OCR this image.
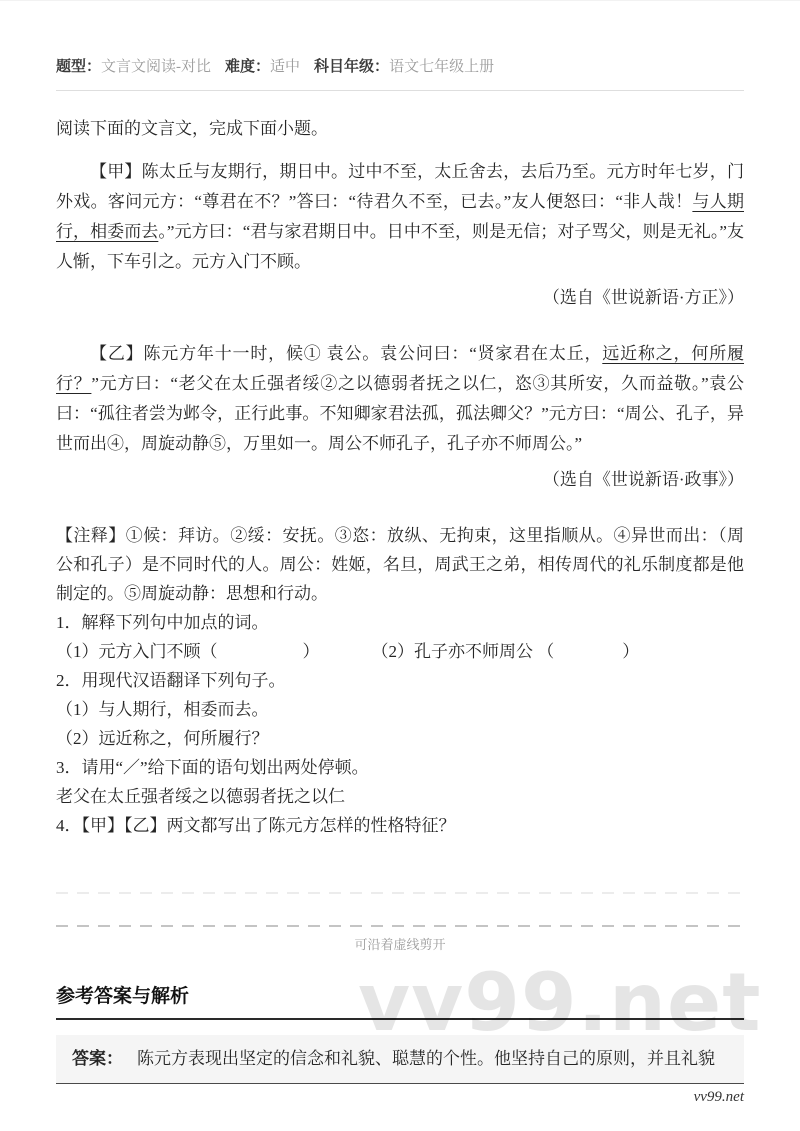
题型： 文言文阅读-对比 难度： 适中 科目年级： 语文七年级上册
阅读下面的文言文，完成下面小题。
【甲】陈太丘与友期行，期日中。过中不至，太丘舍去，去后乃至。元方时年七岁，门外戏。客问元方：“尊君在不？”答曰：“待君久不至，已去。”友人便怒曰：“非人哉！与人期行，相委而去。”元方曰：“君与家君期日中。日中不至，则是无信；对子骂父，则是无礼。”友人惭，下车引之。元方入门不顾。
（选自《世说新语·方正》）
【乙】陈元方年十一时，候① 袁公。袁公问曰：“贤家君在太丘，远近称之，何所履行？”元方曰：“老父在太丘强者绥②之以德弱者抚之以仁，恣③其所安，久而益敬。”袁公曰：“孤往者尝为邺令，正行此事。不知卿家君法孤，孤法卿父？”元方曰：“周公、孔子，异世而出④，周旋动静⑤，万里如一。周公不师孔子，孔子亦不师周公。”
（选自《世说新语·政事》）
【注释】①候：拜访。②绥：安抚。③恣：放纵、无拘束，这里指顺从。④异世而出：（周公和孔子）是不同时代的人。周公：姓姬，名旦，周武王之弟，相传周代的礼乐制度都是他制定的。⑤周旋动静：思想和行动。
1．解释下列句中加点的词。
（1）元方入门不顾（　　　　　）	（2）孔子亦不师周公 （　　　　）
2．用现代汉语翻译下列句子。
（1）与人期行，相委而去。
（2）远近称之，何所履行？
3．请用“／”给下面的语句划出两处停顿。
老父在太丘强者绥之以德弱者抚之以仁
4．【甲】【乙】两文都写出了陈元方怎样的性格特征？
可沿着虚线剪开
参考答案与解析
答案： 陈元方表现出坚定的信念和礼貌、聪慧的个性。他坚持自己的原则，并且礼貌
vv99.net
vv99.net
